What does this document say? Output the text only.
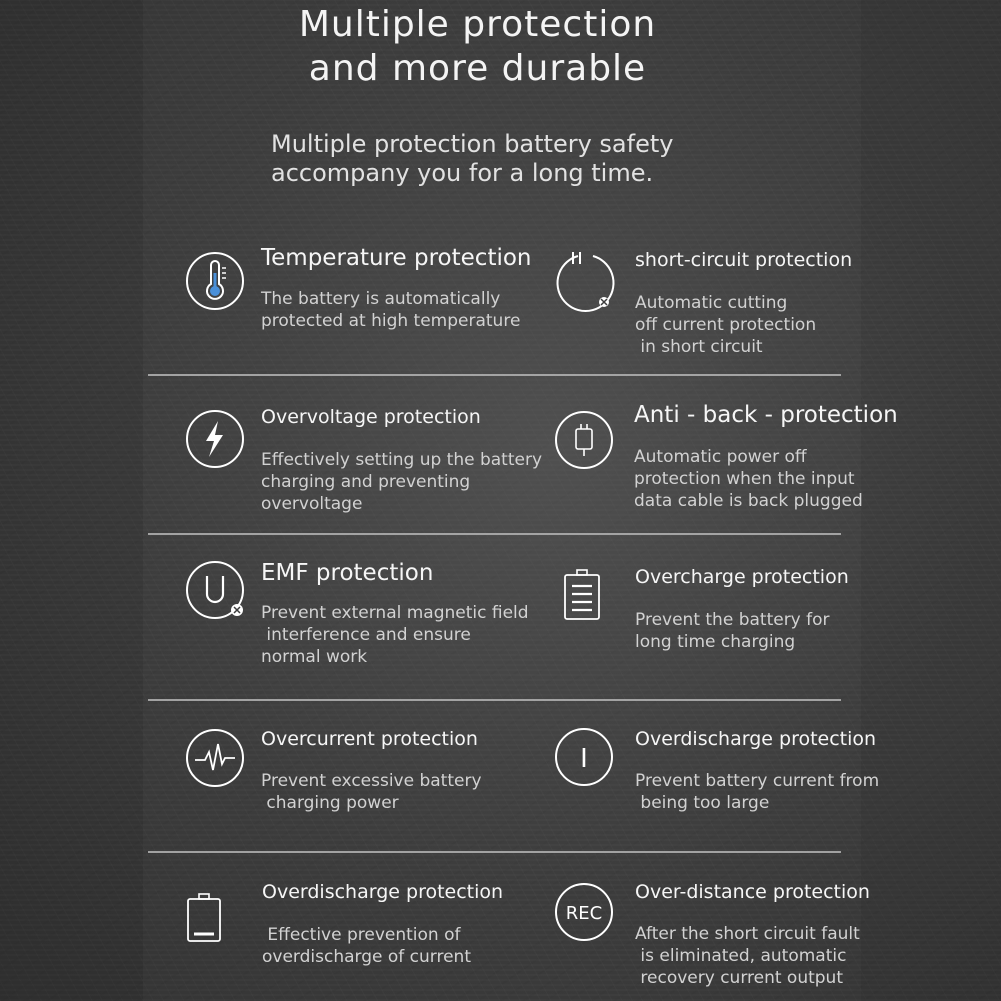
Multiple protection
and more durable
Multiple protection battery safety
accompany you for a long time.
Temperature protection
The battery is automatically
protected at high temperature
short-circuit protection
Automatic cutting
off current protection
in short circuit
Overvoltage protection
Effectively setting up the battery
charging and preventing
overvoltage
Anti - back - protection
Automatic power off
protection when the input
data cable is back plugged
EMF protection
Prevent external magnetic field
interference and ensure
normal work
Overcharge protection
Prevent the battery for
long time charging
Overcurrent protection
Prevent excessive battery
charging power
I
Overdischarge protection
Prevent battery current from
being too large
Overdischarge protection
Effective prevention of
overdischarge of current
REC
Over-distance protection
After the short circuit fault
is eliminated, automatic
recovery current output
